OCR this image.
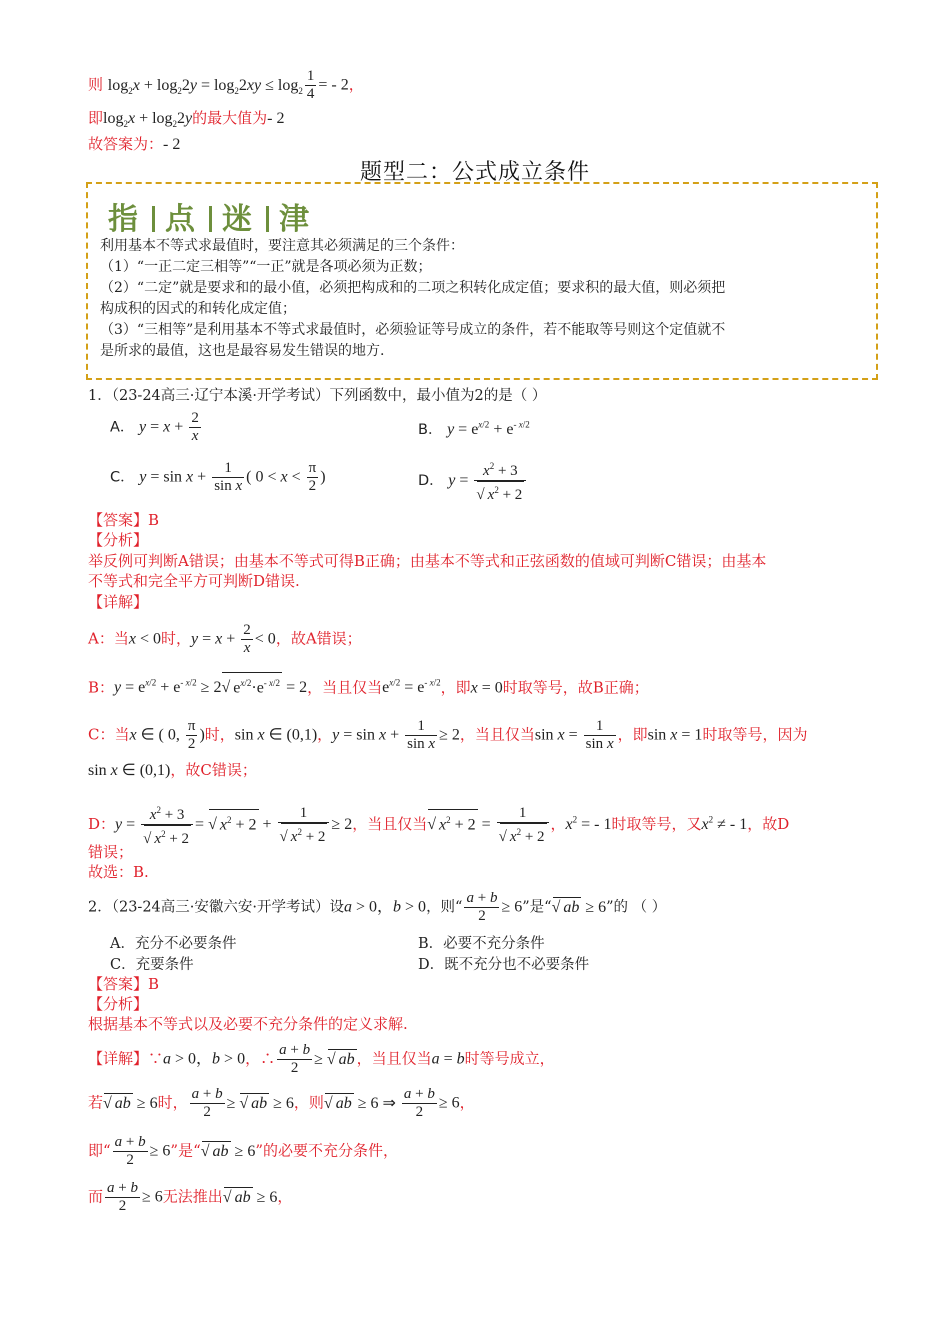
则 $\log_2x + \log_22y = \log_22xy \le \log_2 \frac{1}{4}$ = - 2，
即$\log_2x + \log_22y$的最大值为- 2
故答案为：- 2
题型二：公式成立条件
指 点 迷 津
利用基本不等式求最值时，要注意其必须满足的三个条件：
（1）“一正二定三相等”“一正”就是各项必须为正数；
（2）“二定”就是要求和的最小值，必须把构成和的二项之积转化成定值；要求积的最大值，则必须把
构成积的因式的和转化成定值；
（3）“三相等”是利用基本不等式求最值时，必须验证等号成立的条件，若不能取等号则这个定值就不
是所求的最值，这也是最容易发生错误的地方.
1．（23-24高三·辽宁本溪·开学考试）下列函数中，最小值为2的是（ ）
A． $y = x + \frac{2}{x}$	B． $y = e^{x/2} + e^{- x/2}$
C． $y = \sin x + \frac{1}{\text{sin x}}$ ( $0 < x < \frac{\pi}{2}$ )	D． $y = x^2 + 3$
√ $x^2 + 2$
【答案】B
【分析】
举反例可判断A错误；由基本不等式可得B正确；由基本不等式和正弦函数的值域可判断C错误；由基本
不等式和完全平方可判断D错误.
【详解】
A：当x < 0时，$y = x + \frac{2}{x} < 0$，故A错误；
B：$y = e^{x/2} + e^{- x/2} \ge 2√$ $e^{x/2}\cdot e^{- x/2} = 2$，当且仅当$e^{x/2} = e^{- x/2}$，即x = 0时取等号，故B正确；
C：当x ∈ ( 0, $\frac{\pi}{2}$ )时，sin x ∈ (0,1)，$y = \sin x + \frac{1}{\text{sin x}} \ge 2$，当且仅当$\sin x = \frac{1}{\text{sin x}}$ ，即sin x = 1时取等号，因为
sin x ∈ (0,1)，故C错误；
D：$y = x^2 + 3$
√ $x^2 + 2$ = √ $x^2 + 2 + 1$
√ $x^2 + 2 \ge 2$，当且仅当√ $x^2 + 2 = 1$
√ $x^2 + 2$ ，$x^2$ = - 1时取等号，又$x^2$ ≠ - 1，故D
错误；
故选：B.
2．（23-24高三·安徽六安·开学考试）设a > 0，b > 0，则“ $\frac{a + b}{2} \ge 6$”是“√ ab ≥ 6”的 （ ）
A．充分不必要条件	B．必要不充分条件
C．充要条件	D．既不充分也不必要条件
【答案】B
【分析】
根据基本不等式以及必要不充分条件的定义求解.
【详解】∵a > 0，b > 0，∴ $\frac{a + b}{2}$ ≥ √ ab ，当且仅当a = b时等号成立，
若√ ab ≥ 6时， $\frac{a + b}{2}$ ≥ √ ab ≥ 6，则√ ab ≥ 6 ⇒ $\frac{a + b}{2} \ge 6$，
即“ $\frac{a + b}{2} \ge 6$”是“√ ab ≥ 6”的必要不充分条件，
而 $\frac{a + b}{2} \ge 6$无法推出√ ab ≥ 6，
